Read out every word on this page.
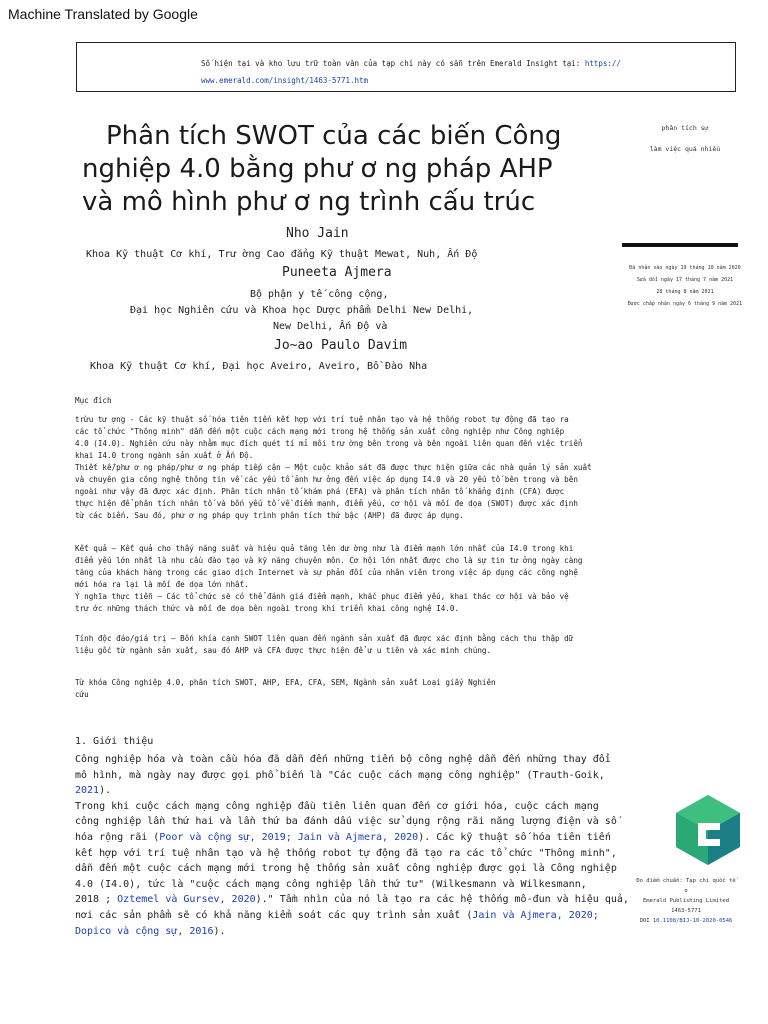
Machine Translated by Google
Số hiện tại và kho lưu trữ toàn văn của tạp chí này có sẵn trên Emerald Insight tại: https://
www.emerald.com/insight/1463-5771.htm
Phân tích SWOT của các biến Công
nghiệp 4.0 bằng phư ơ ng pháp AHP
và mô hình phư ơ ng trình cấu trúc
phân tích sự
làm việc quá nhiều
Đã nhận vào ngày 19 tháng 10 năm 2020
Sửa đổi ngày 17 tháng 7 năm 2021
28 tháng 8 năm 2021
Được chấp nhận ngày 6 tháng 9 năm 2021
Nho Jain
Khoa Kỹ thuật Cơ khí, Trư ờng Cao đẳng Kỹ thuật Mewat, Nuh, Ấn Độ
Puneeta Ajmera
Bộ phận y tế công cộng,
Đại học Nghiên cứu và Khoa học Dược phẩm Delhi New Delhi,
New Delhi, Ấn Độ và
Jo~ao Paulo Davim
Khoa Kỹ thuật Cơ khí, Đại học Aveiro, Aveiro, Bồ Đào Nha
Mục đích

trừu tư ợng - Các kỹ thuật số hóa tiên tiến kết hợp với trí tuệ nhân tạo và hệ thống robot tự động đã tạo ra

các tổ chức "Thông minh" dẫn đến một cuộc cách mạng mới trong hệ thống sản xuất công nghiệp như Công nghiệp

4.0 (I4.0). Nghiên cứu này nhằm mục đích quét tí mỉ môi trư ờng bên trong và bên ngoài liên quan đến việc triển

khai I4.0 trong ngành sản xuất ở Ấn Độ.

Thiết kế/phư ơ ng pháp/phư ơ ng pháp tiếp cận – Một cuộc khảo sát đã được thực hiện giữa các nhà quản lý sản xuất

và chuyên gia công nghệ thông tin về các yếu tố ảnh hư ởng đến việc áp dụng I4.0 và 20 yếu tố bên trong và bên

ngoài như vậy đã được xác định. Phân tích nhân tố khám phá (EFA) và phân tích nhân tố khẳng định (CFA) được

thực hiện để phân tích nhân tố và bốn yếu tố về điểm mạnh, điểm yếu, cơ hội và mối đe dọa (SWOT) được xác định

từ các biến. Sau đó, phư ơ ng pháp quy trình phân tích thứ bậc (AHP) đã được áp dụng.

Kết quả – Kết quả cho thấy năng suất và hiệu quả tăng lên dư ờng như là điểm mạnh lớn nhất của I4.0 trong khi

điểm yếu lớn nhất là nhu cầu đào tạo và kỹ năng chuyên môn. Cơ hội lớn nhất được cho là sự tin tư ởng ngày càng

tăng của khách hàng trong các giao dịch Internet và sự phản đối của nhân viên trong việc áp dụng các công nghệ

mới hóa ra lại là mối đe dọa lớn nhất.

Ý nghĩa thực tiễn – Các tổ chức sẽ có thể đánh giá điểm mạnh, khắc phục điểm yếu, khai thác cơ hội và bảo vệ

trư ớc những thách thức và mối đe dọa bên ngoài trong khi triển khai công nghệ I4.0.

Tính độc đáo/giá trị – Bốn khía cạnh SWOT liên quan đến ngành sản xuất đã được xác định bằng cách thu thập dữ

liệu gốc từ ngành sản xuất, sau đó AHP và CFA được thực hiện để ư u tiên và xác minh chúng.

Từ khóa Công nghiệp 4.0, phân tích SWOT, AHP, EFA, CFA, SEM, Ngành sản xuất Loại giấy Nghiên

cứu

1. Giới thiệu

Công nghiệp hóa và toàn cầu hóa đã dẫn đến những tiến bộ công nghệ dẫn đến những thay đổi

mô hình, mà ngày nay được gọi phổ biến là "Các cuộc cách mạng công nghiệp" (Trauth-Goik, 2021).

Trong khi cuộc cách mạng công nghiệp đầu tiên liên quan đến cơ giới hóa, cuộc cách mạng

công nghiệp lần thứ hai và lần thứ ba đánh dấu việc sử dụng rộng rãi năng lượng điện và số

hóa rộng rãi (Poor và cộng sự, 2019; Jain và Ajmera, 2020). Các kỹ thuật số hóa tiên tiến

kết hợp với trí tuệ nhân tạo và hệ thống robot tự động đã tạo ra các tổ chức "Thông minh",

dẫn đến một cuộc cách mạng mới trong hệ thống sản xuất công nghiệp được gọi là Công nghiệp

4.0 (I4.0), tức là "cuộc cách mạng công nghiệp lần thứ tư" (Wilkesmann và Wilkesmann,

2018 ; Oztemel và Gursev, 2020)." Tầm nhìn của nó là tạo ra các hệ thống mô-đun và hiệu quả,

nơi các sản phẩm sẽ có khả năng kiểm soát các quy trình sản xuất (Jain và Ajmera, 2020;

Dopico và cộng sự, 2016).

Đo điểm chuẩn: Tạp chí quốc tế
o
Emerald Publishing Limited
1463-5771
DOI 10.1108/BIJ-10-2020-0546
